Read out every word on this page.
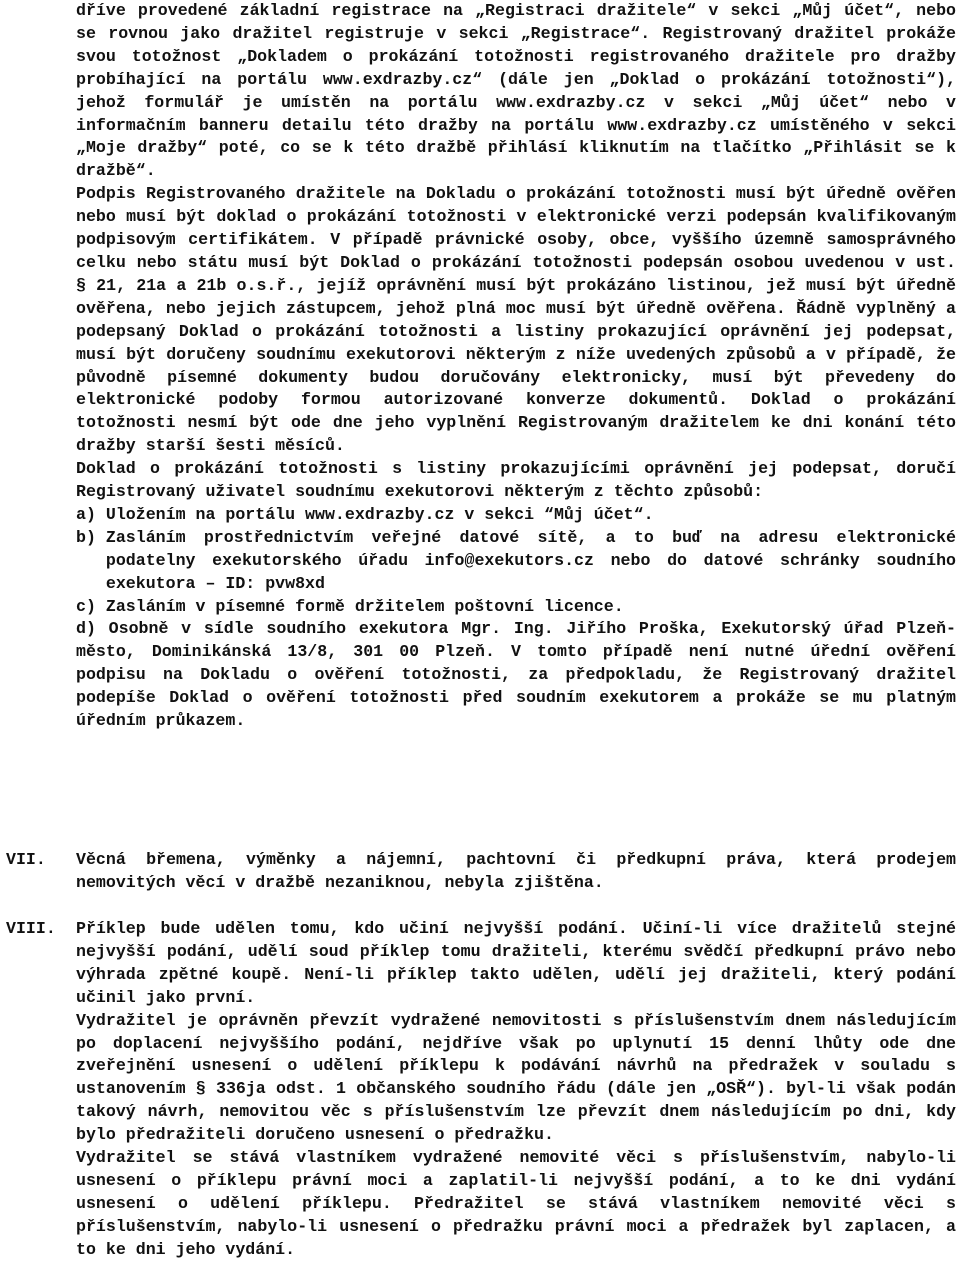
dříve provedené základní registrace na „Registraci dražitele“ v sekci „Můj účet“, nebo se rovnou jako dražitel registruje v sekci „Registrace“. Registrovaný dražitel prokáže svou totožnost „Dokladem o prokázání totožnosti registrovaného dražitele pro dražby probíhající na portálu www.exdrazby.cz“ (dále jen „Doklad o prokázání totožnosti“), jehož formulář je umístěn na portálu www.exdrazby.cz v sekci „Můj účet“ nebo v informačním banneru detailu této dražby na portálu www.exdrazby.cz umístěného v sekci „Moje dražby“ poté, co se k této dražbě přihlásí kliknutím na tlačítko „Přihlásit se k dražbě“.

Podpis Registrovaného dražitele na Dokladu o prokázání totožnosti musí být úředně ověřen nebo musí být doklad o prokázání totožnosti v elektronické verzi podepsán kvalifikovaným podpisovým certifikátem. V případě právnické osoby, obce, vyššího územně samosprávného celku nebo státu musí být Doklad o prokázání totožnosti podepsán osobou uvedenou v ust. § 21, 21a a 21b o.s.ř., jejíž oprávnění musí být prokázáno listinou, jež musí být úředně ověřena, nebo jejich zástupcem, jehož plná moc musí být úředně ověřena. Řádně vyplněný a podepsaný Doklad o prokázání totožnosti a listiny prokazující oprávnění jej podepsat, musí být doručeny soudnímu exekutorovi některým z níže uvedených způsobů a v případě, že původně písemné dokumenty budou doručovány elektronicky, musí být převedeny do elektronické podoby formou autorizované konverze dokumentů. Doklad o prokázání totožnosti nesmí být ode dne jeho vyplnění Registrovaným dražitelem ke dni konání této dražby starší šesti měsíců.

Doklad o prokázání totožnosti s listiny prokazujícími oprávnění jej podepsat, doručí Registrovaný uživatel soudnímu exekutorovi některým z těchto způsobů:

a) Uložením na portálu www.exdrazby.cz v sekci “Můj účet“.
b) Zasláním prostřednictvím veřejné datové sítě, a to buď na adresu elektronické podatelny exekutorského úřadu info@exekutors.cz nebo do datové schránky soudního exekutora – ID: pvw8xd
c) Zasláním v písemné formě držitelem poštovní licence.

d) Osobně v sídle soudního exekutora Mgr. Ing. Jiřího Proška, Exekutorský úřad Plzeň-město, Dominikánská 13/8, 301 00 Plzeň. V tomto případě není nutné úřední ověření podpisu na Dokladu o ověření totožnosti, za předpokladu, že Registrovaný dražitel podepíše Doklad o ověření totožnosti před soudním exekutorem a prokáže se mu platným úředním průkazem.

VII. Věcná břemena, výměnky a nájemní, pachtovní či předkupní práva, která prodejem nemovitých věcí v dražbě nezaniknou, nebyla zjištěna.

VIII. Příklep bude udělen tomu, kdo učiní nejvyšší podání. Učiní-li více dražitelů stejné nejvyšší podání, udělí soud příklep tomu dražiteli, kterému svědčí předkupní právo nebo výhrada zpětné koupě. Není-li příklep takto udělen, udělí jej dražiteli, který podání učinil jako první.

Vydražitel je oprávněn převzít vydražené nemovitosti s příslušenstvím dnem následujícím po doplacení nejvyššího podání, nejdříve však po uplynutí 15 denní lhůty ode dne zveřejnění usnesení o udělení příklepu k podávání návrhů na předražek v souladu s ustanovením § 336ja odst. 1 občanského soudního řádu (dále jen „OSŘ“). byl-li však podán takový návrh, nemovitou věc s příslušenstvím lze převzít dnem následujícím po dni, kdy bylo předražiteli doručeno usnesení o předražku.

Vydražitel se stává vlastníkem vydražené nemovité věci s příslušenstvím, nabylo-li usnesení o příklepu právní moci a zaplatil-li nejvyšší podání, a to ke dni vydání usnesení o udělení příklepu. Předražitel se stává vlastníkem nemovité věci s příslušenstvím, nabylo-li usnesení o předražku právní moci a předražek byl zaplacen, a to ke dni jeho vydání.
